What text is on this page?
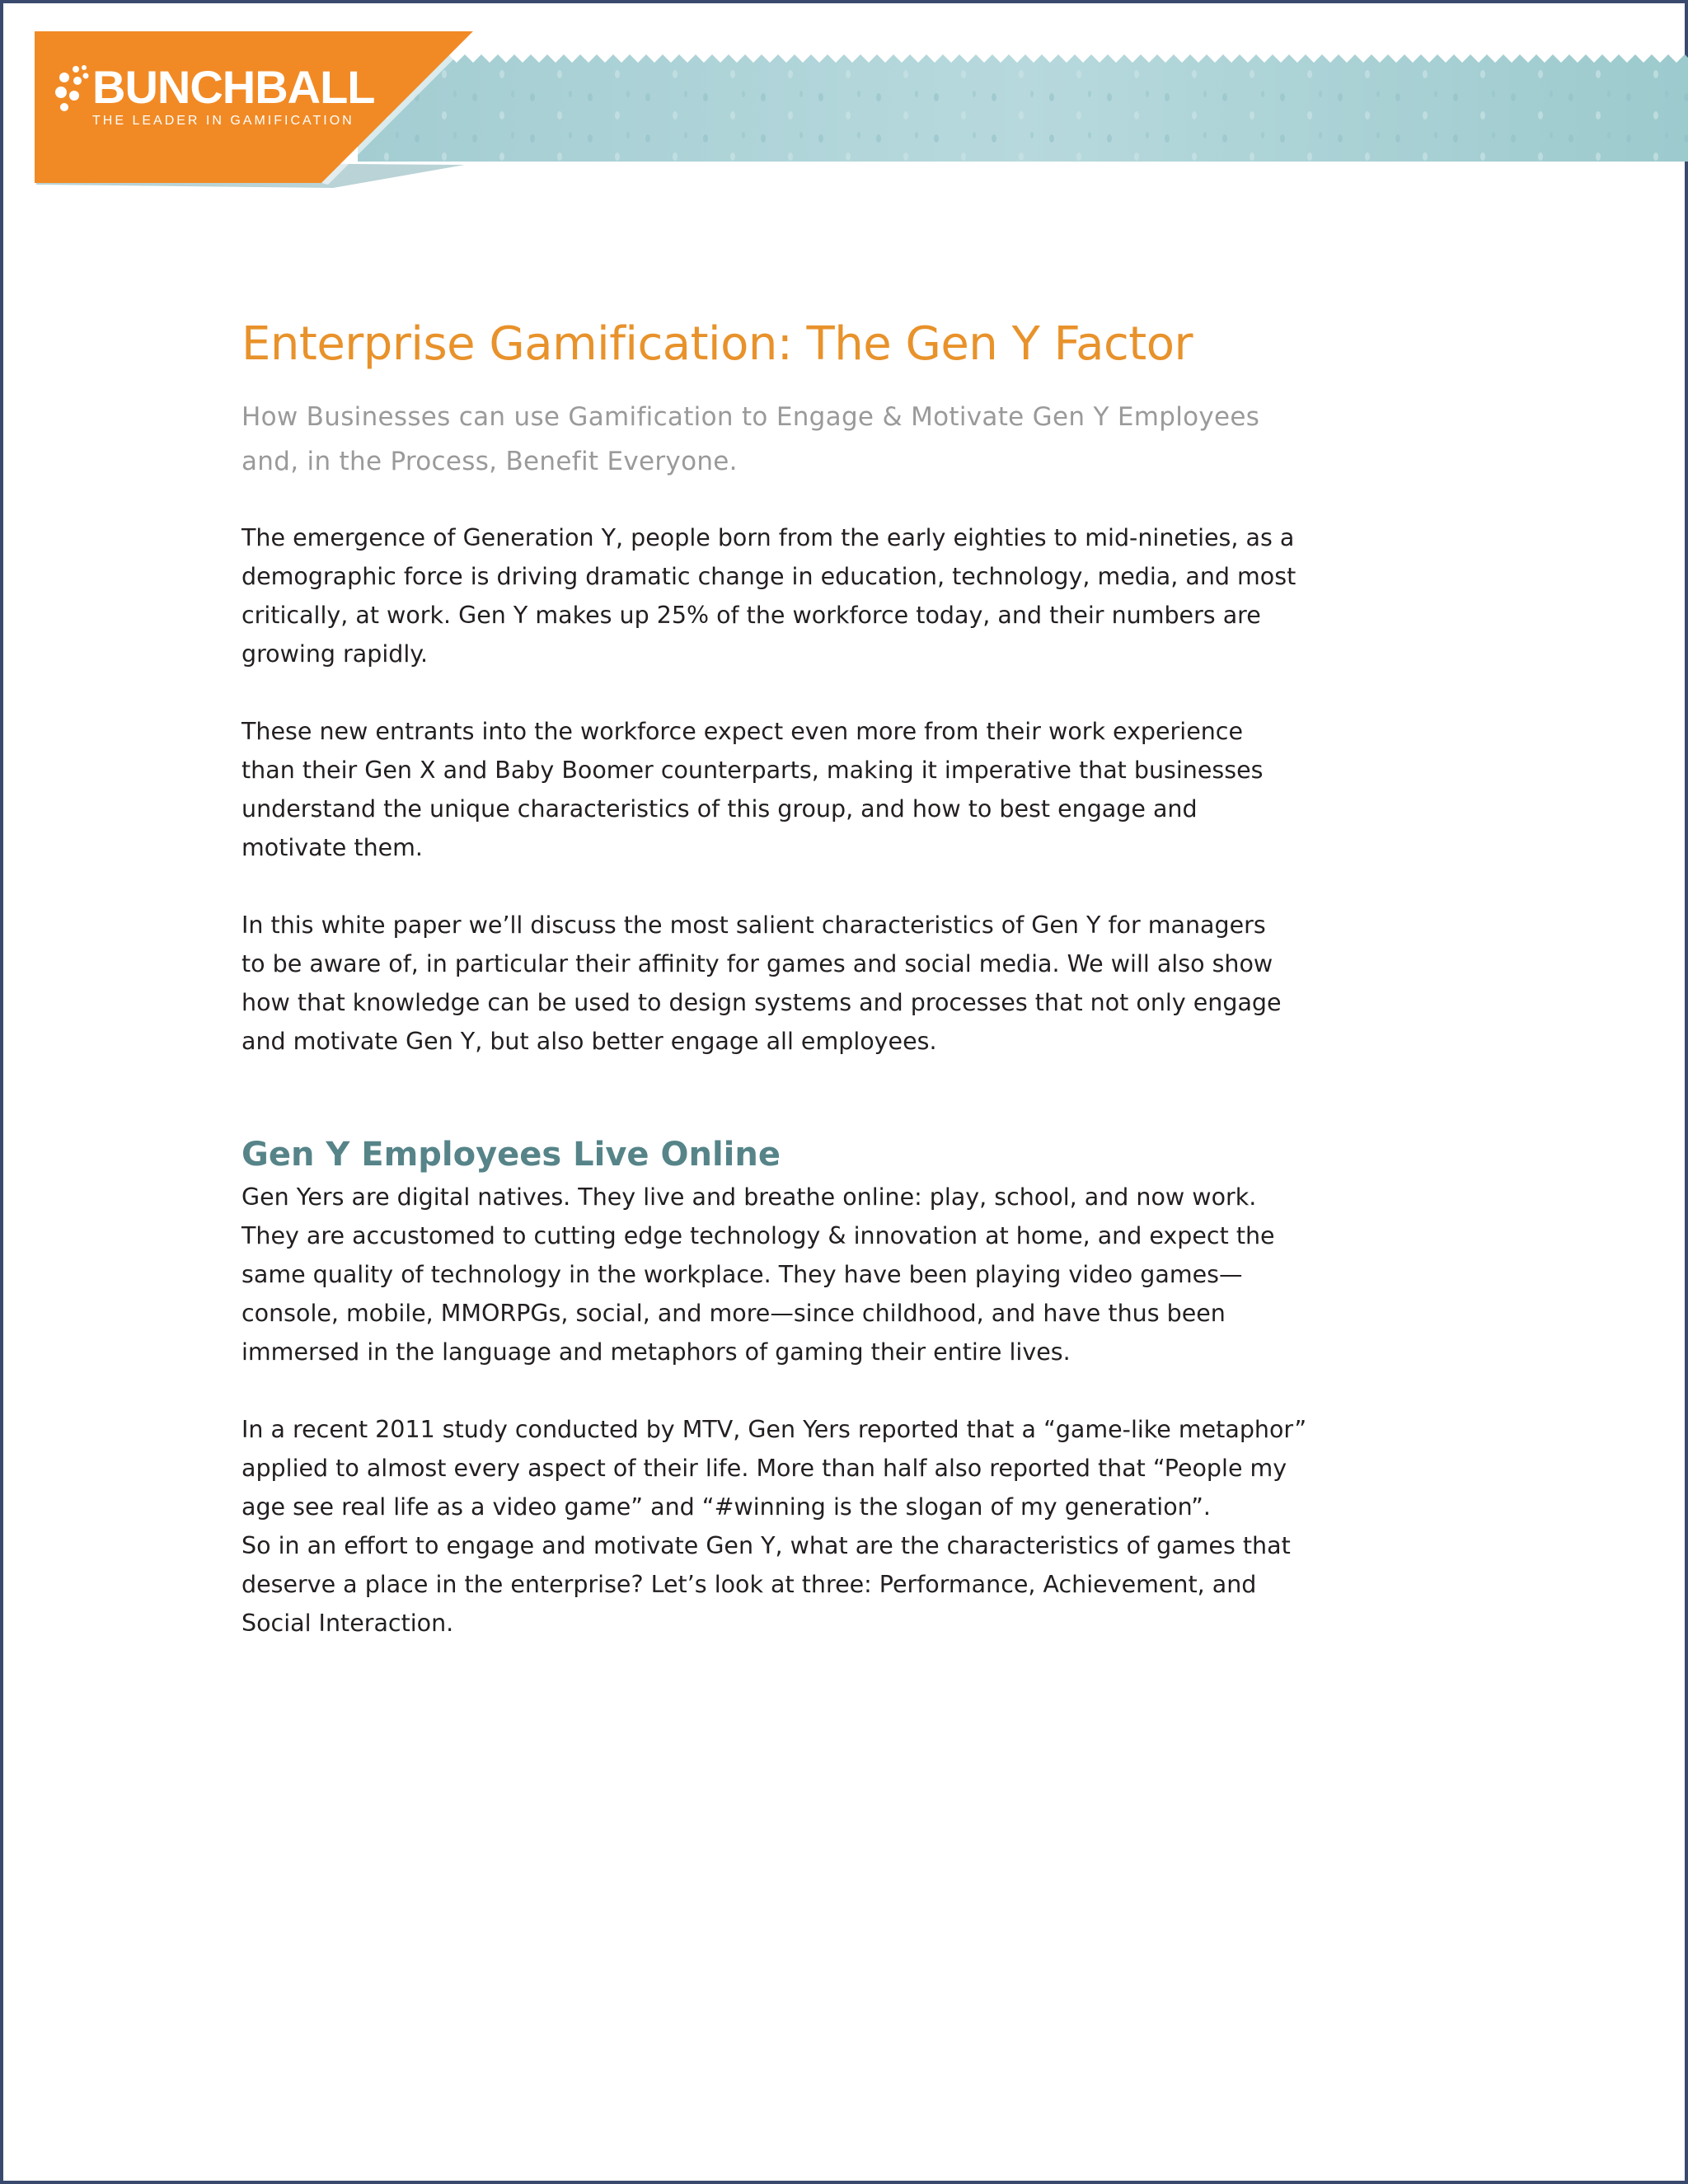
BUNCHBALL
THE LEADER IN GAMIFICATION
Enterprise Gamification: The Gen Y Factor

How Businesses can use Gamification to Engage & Motivate Gen Y Employees
and, in the Process, Benefit Everyone.

The emergence of Generation Y, people born from the early eighties to mid-nineties, as a
demographic force is driving dramatic change in education, technology, media, and most
critically, at work. Gen Y makes up 25% of the workforce today, and their numbers are
growing rapidly.

These new entrants into the workforce expect even more from their work experience
than their Gen X and Baby Boomer counterparts, making it imperative that businesses
understand the unique characteristics of this group, and how to best engage and
motivate them.

In this white paper we’ll discuss the most salient characteristics of Gen Y for managers
to be aware of, in particular their affinity for games and social media. We will also show
how that knowledge can be used to design systems and processes that not only engage
and motivate Gen Y, but also better engage all employees.

Gen Y Employees Live Online

Gen Yers are digital natives. They live and breathe online: play, school, and now work.
They are accustomed to cutting edge technology & innovation at home, and expect the
same quality of technology in the workplace. They have been playing video games—
console, mobile, MMORPGs, social, and more—since childhood, and have thus been
immersed in the language and metaphors of gaming their entire lives.

In a recent 2011 study conducted by MTV, Gen Yers reported that a “game-like metaphor”
applied to almost every aspect of their life. More than half also reported that “People my
age see real life as a video game” and “#winning is the slogan of my generation”.
So in an effort to engage and motivate Gen Y, what are the characteristics of games that
deserve a place in the enterprise? Let’s look at three: Performance, Achievement, and
Social Interaction.
